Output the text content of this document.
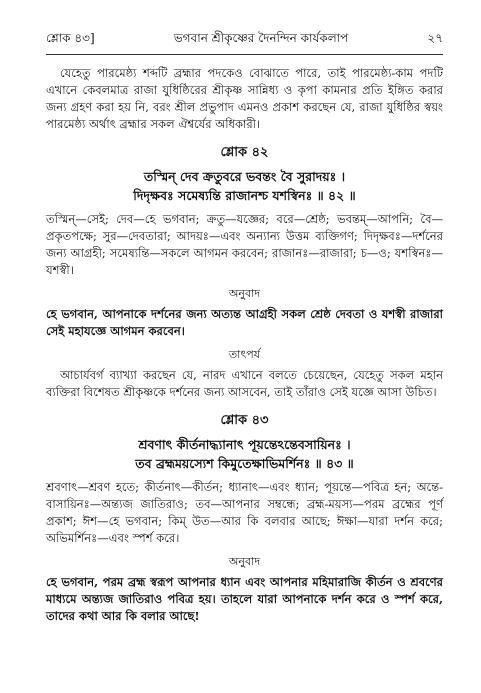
শ্লোক ৪৩]	ভগবান শ্রীকৃষ্ণের দৈনন্দিন কার্যকলাপ	২৭

যেহেতু পারমেষ্ঠ্য শব্দটি ব্রহ্মার পদকেও বোঝাতে পারে, তাই পারমেষ্ঠ্য-কাম পদটি এখানে কেবলমাত্র রাজা যুধিষ্ঠিরের শ্রীকৃষ্ণ সান্নিধ্য ও কৃপা কামনার প্রতি ইঙ্গিত করার জন্য গ্রহণ করা হয় নি, বরং শ্রীল প্রভুপাদ এমনও প্রকাশ করছেন যে, রাজা যুধিষ্ঠির স্বয়ং পারমেষ্ঠ্য অর্থাৎ ব্রহ্মার সকল ঐশ্বর্যের অধিকারী।

শ্লোক ৪২
তস্মিন্ দেব ক্রতুবরে ভবন্তং বৈ সুরাদয়ঃ ।
দিদৃক্ষবঃ সমেষ্যন্তি রাজানশ্চ যশস্বিনঃ ॥ ৪২ ॥

তস্মিন্—সেই; দেব—হে ভগবান; ক্রতু—যজ্ঞের; বরে—শ্রেষ্ঠ; ভবন্তম্—আপনি; বৈ—প্রকৃতপক্ষে; সুর—দেবতারা; আদয়ঃ—এবং অন্যান্য উত্তম ব্যক্তিগণ; দিদৃক্ষবঃ—দর্শনের জন্য আগ্রহী; সমেষ্যন্তি—সকলে আগমন করবেন; রাজানঃ—রাজারা; চ—ও; যশস্বিনঃ—যশস্বী।

অনুবাদ

হে ভগবান, আপনাকে দর্শনের জন্য অত্যন্ত আগ্রহী সকল শ্রেষ্ঠ দেবতা ও যশস্বী রাজারা সেই মহাযজ্ঞে আগমন করবেন।

তাৎপর্য

আচার্যবর্গ ব্যাখ্যা করছেন যে, নারদ এখানে বলতে চেয়েছেন, যেহেতু সকল মহান ব্যক্তিরা বিশেষত শ্রীকৃষ্ণকে দর্শনের জন্য আসবেন, তাই তাঁরাও সেই যজ্ঞে আসা উচিত।

শ্লোক ৪৩
শ্রবণাৎ কীর্তনাদ্ধ্যানাৎ পূয়ন্তেঽন্তেবসায়িনঃ ।
তব ব্রহ্মময়স্যেশ কিমুতেক্ষাভিমর্শিনঃ ॥ ৪৩ ॥

শ্রবণাৎ—শ্রবণ হতে; কীর্তনাৎ—কীর্তন; ধ্যানাৎ—এবং ধ্যান; পূয়ন্তে—পবিত্র হন; অন্তে-বাসায়িনঃ—অন্ত্যজ জাতিরাও; তব—আপনার সম্বন্ধে; ব্রহ্ম-ময়স্য—পরম ব্রহ্মের পূর্ণ প্রকাশ; ঈশ—হে ভগবান; কিম্ উত—আর কি বলবার আছে; ঈক্ষা—যারা দর্শন করে; অভিমর্শিনঃ—এবং স্পর্শ করে।

অনুবাদ

হে ভগবান, পরম ব্রহ্ম স্বরূপ আপনার ধ্যান এবং আপনার মহিমারাজি কীর্তন ও শ্রবণের মাধ্যমে অন্ত্যজ জাতিরাও পবিত্র হয়। তাহলে যারা আপনাকে দর্শন করে ও স্পর্শ করে, তাদের কথা আর কি বলার আছে!
